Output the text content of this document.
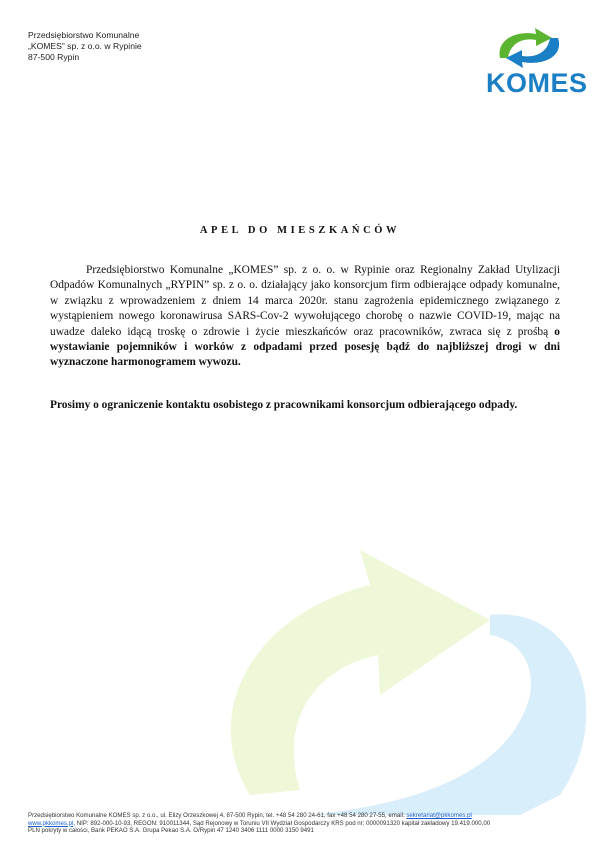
Przedsiębiorstwo Komunalne
„KOMES” sp. z o.o. w Rypinie
87-500 Rypin
KOMES
APEL DO MIESZKAŃCÓW

Przedsiębiorstwo Komunalne „KOMES” sp. z o. o. w Rypinie oraz Regionalny Zakład Utylizacji Odpadów Komunalnych „RYPIN” sp. z o. o. działający jako konsorcjum firm odbierające odpady komunalne, w związku z wprowadzeniem z dniem 14 marca 2020r. stanu zagrożenia epidemicznego związanego z wystąpieniem nowego koronawirusa SARS-Cov-2 wywołującego chorobę o nazwie COVID-19, mając na uwadze daleko idącą troskę o zdrowie i życie mieszkańców oraz pracowników, zwraca się z prośbą o wystawianie pojemników i worków z odpadami przed posesję bądź do najbliższej drogi w dni wyznaczone harmonogramem wywozu.

Prosimy o ograniczenie kontaktu osobistego z pracownikami konsorcjum odbierającego odpady.
Przedsiębiorstwo Komunalne KOMES sp. z o.o., ul. Elizy Orzeszkowej 4, 87-500 Rypin, tel. +48 54 280 24-61, fax +48 54 280 27-55, email: sekretariat@pkkomes.pl
www.pkkomes.pl, NIP: 892-000-10-93, REGON: 910011344, Sąd Rejonowy w Toruniu VII Wydział Gospodarczy KRS pod nr: 0000091320 kapitał zakładowy 19.419.000,00
PLN pokryty w całości, Bank PEKAO S.A. Grupa Pekao S.A. O/Rypin 47 1240 3406 1111 0000 3150 9491
